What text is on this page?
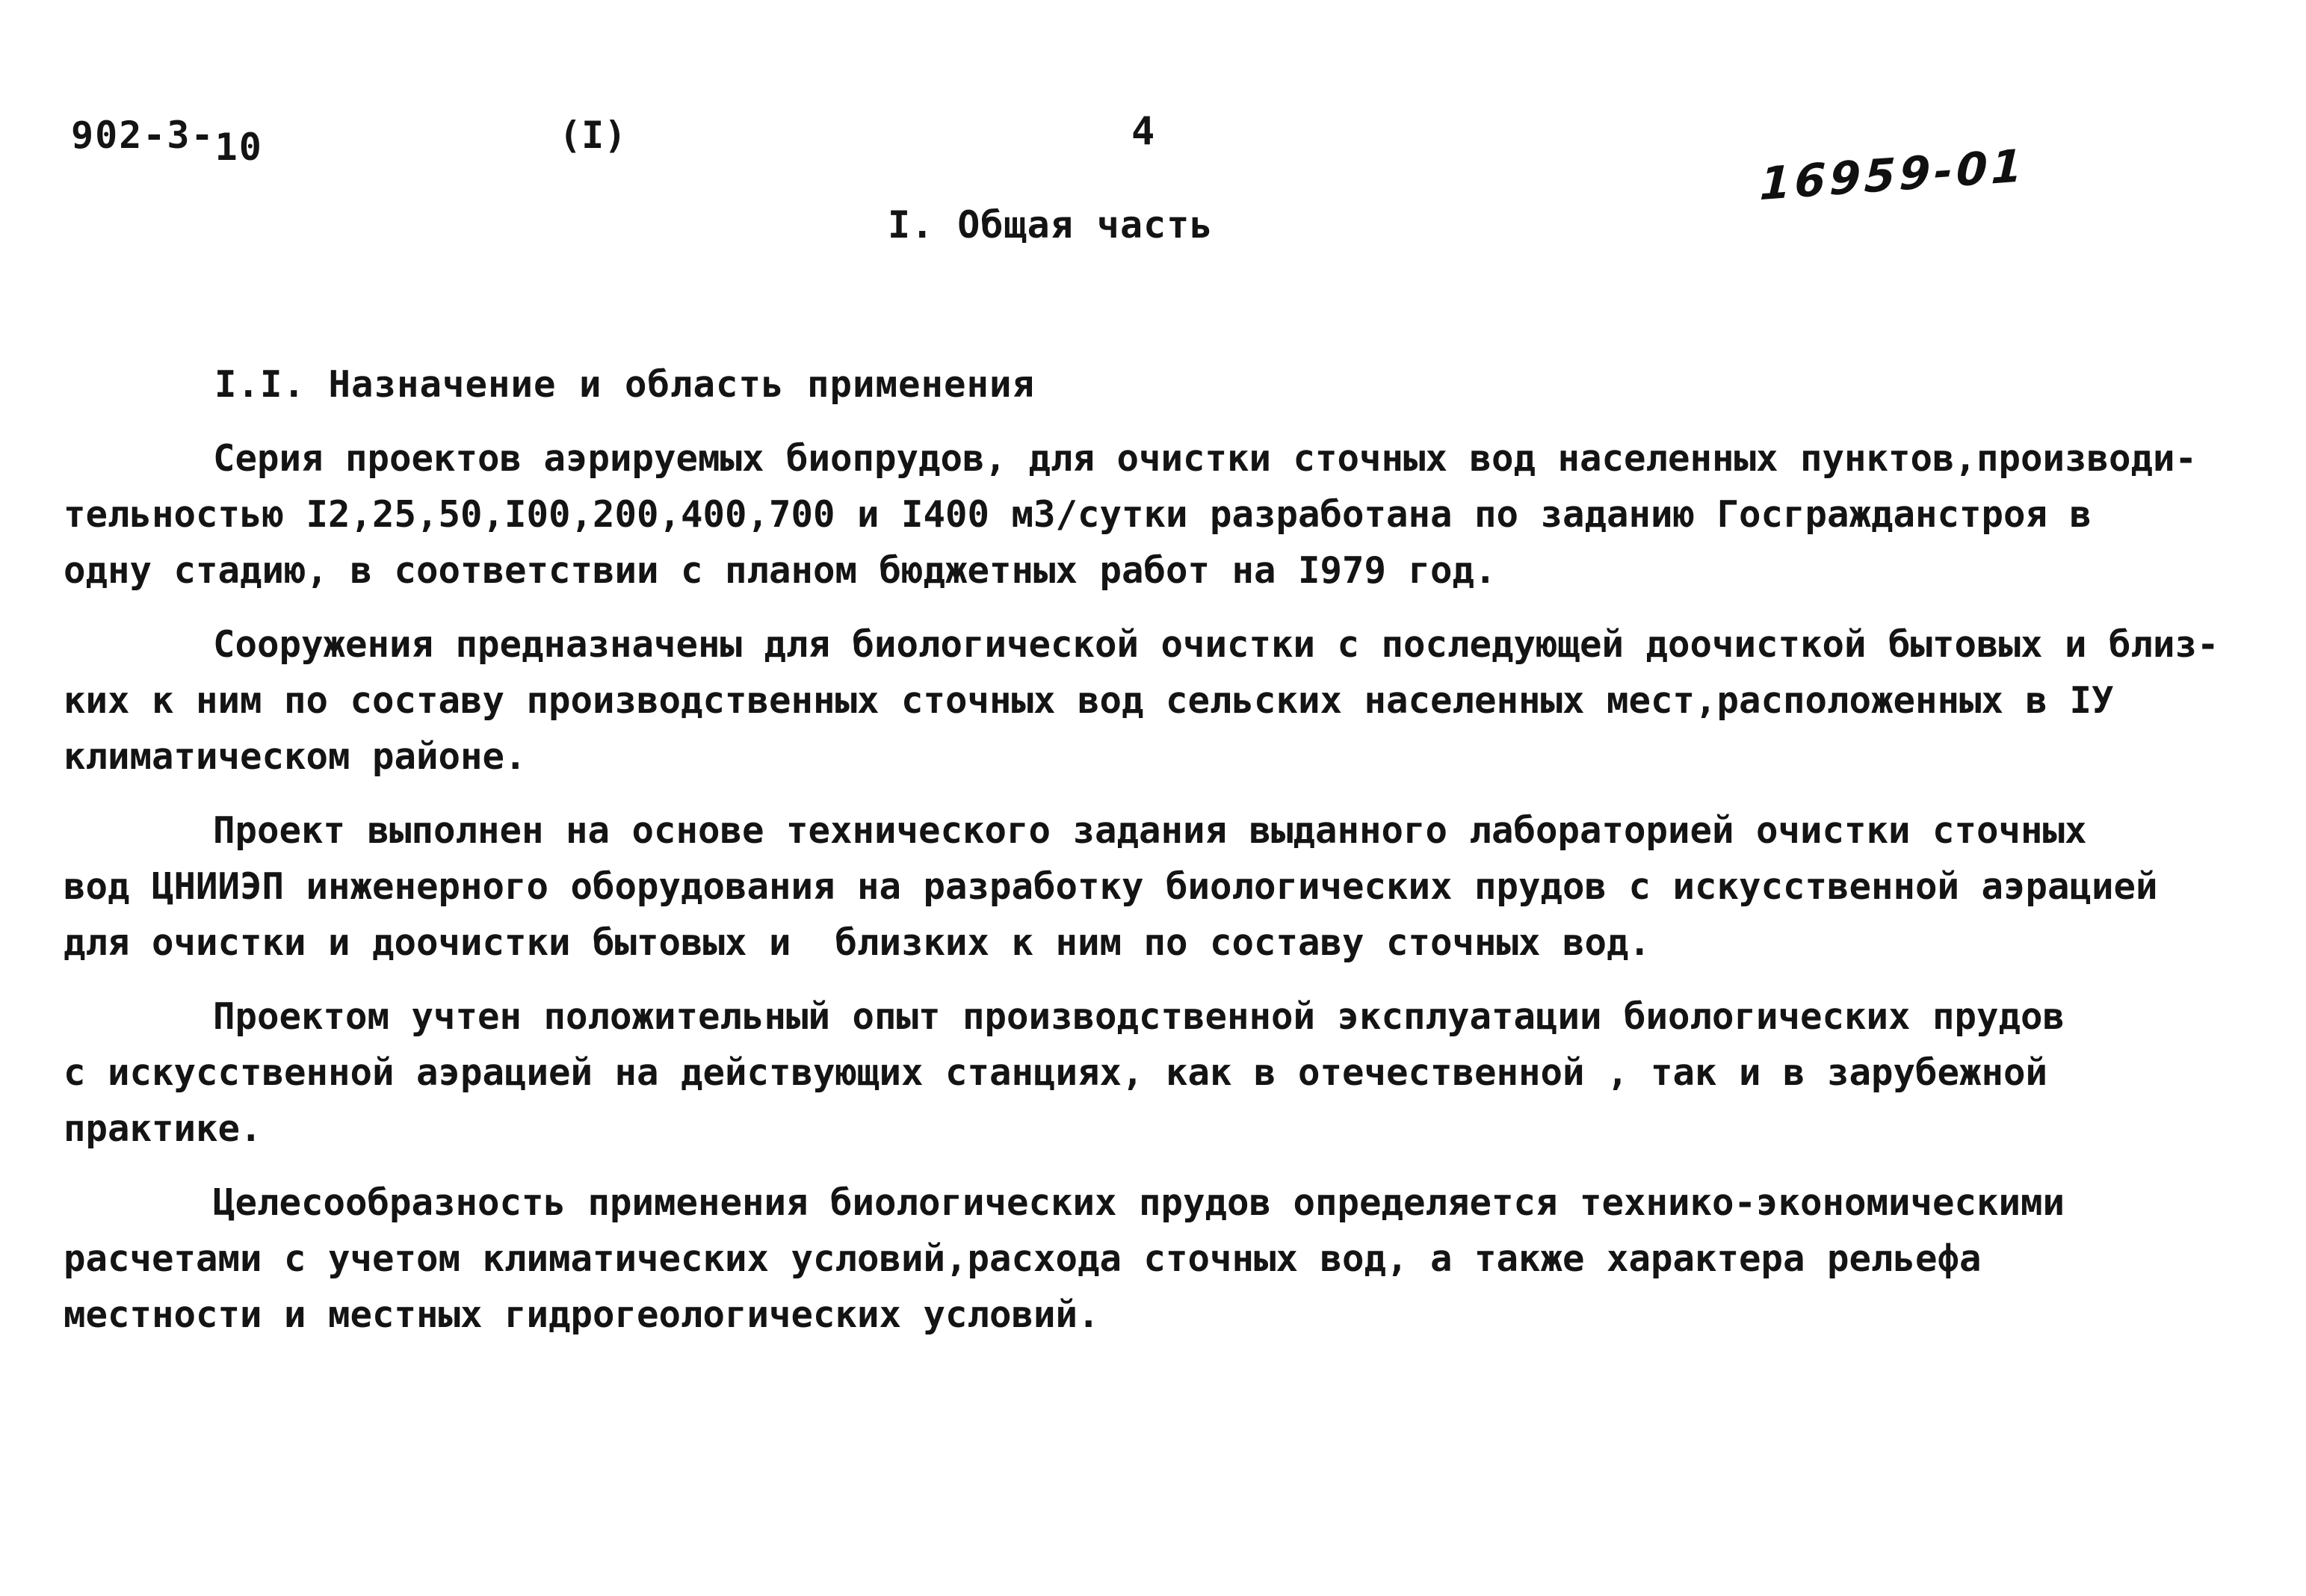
902-3-10	(I)	4
16959-01
I. Общая часть
I.I. Назначение и область применения
Серия проектов аэрируемых биопрудов, для очистки сточных вод населенных пунктов,производи-
тельностью I2,25,50,I00,200,400,700 и I400 м3/сутки разработана по заданию Госгражданстроя в
одну стадию, в соответствии с планом бюджетных работ на I979 год.
Сооружения предназначены для биологической очистки с последующей доочисткой бытовых и близ-
ких к ним по составу производственных сточных вод сельских населенных мест,расположенных в IУ
климатическом районе.
Проект выполнен на основе технического задания выданного лабораторией очистки сточных
вод ЦНИИЭП инженерного оборудования на разработку биологических прудов с искусственной аэрацией
для очистки и доочистки бытовых и  близких к ним по составу сточных вод.
Проектом учтен положительный опыт производственной эксплуатации биологических прудов
с искусственной аэрацией на действующих станциях, как в отечественной , так и в зарубежной
практике.
Целесообразность применения биологических прудов определяется технико-экономическими
расчетами с учетом климатических условий,расхода сточных вод, а также характера рельефа
местности и местных гидрогеологических условий.
